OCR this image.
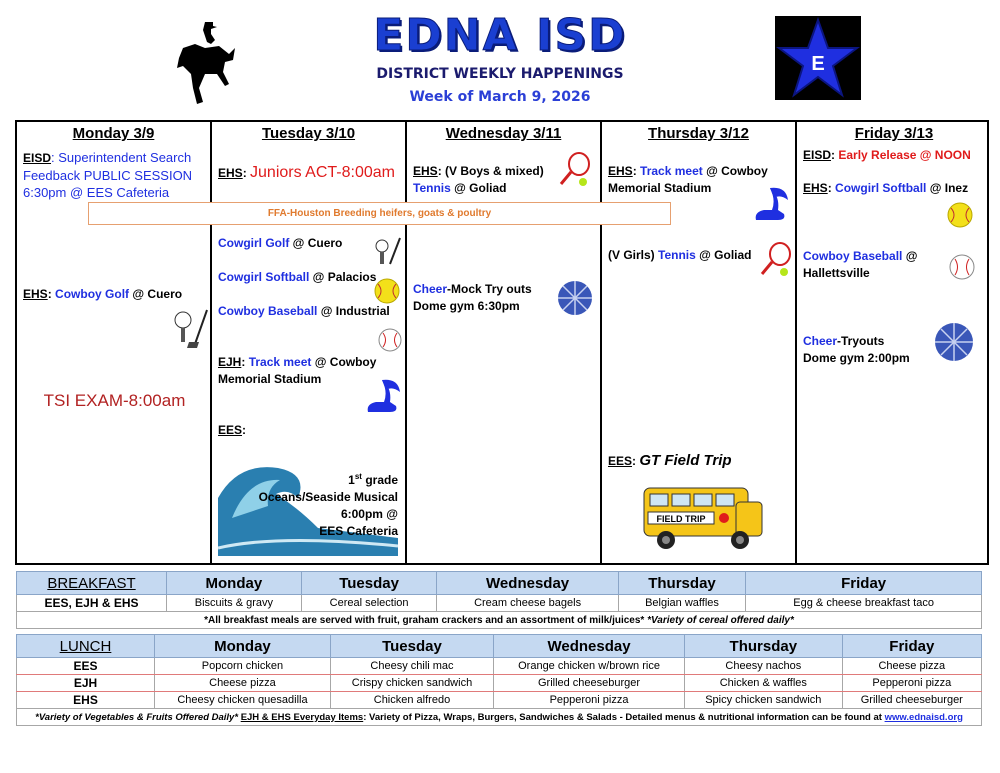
EDNA ISD
DISTRICT WEEKLY HAPPENINGS
Week of March 9, 2026
E
Monday 3/9
EISD: Superintendent Search Feedback PUBLIC SESSION 6:30pm @ EES Cafeteria
EHS: Cowboy Golf @ Cuero
TSI EXAM-8:00am
Tuesday 3/10
EHS: Juniors ACT-8:00am
Cowgirl Golf @ Cuero
Cowgirl Softball @ Palacios
Cowboy Baseball @ Industrial
EJH: Track meet @ Cowboy Memorial Stadium
EES:
1st grade
Oceans/Seaside Musical
6:00pm @
EES Cafeteria
Wednesday 3/11
EHS: (V Boys & mixed)
Tennis @ Goliad
Cheer-Mock Try outs
Dome gym 6:30pm
Thursday 3/12
EHS: Track meet @ Cowboy Memorial Stadium
(V Girls) Tennis @ Goliad
EES: GT Field Trip
FIELD TRIP
Friday 3/13
EISD: Early Release @ NOON
EHS: Cowgirl Softball @ Inez
Cowboy Baseball @ Hallettsville
Cheer-Tryouts
Dome gym 2:00pm
FFA-Houston Breeding heifers, goats & poultry
BREAKFAST	Monday	Tuesday	Wednesday	Thursday	Friday
EES, EJH & EHS	Biscuits & gravy	Cereal selection	Cream cheese bagels	Belgian waffles	Egg & cheese breakfast taco
*All breakfast meals are served with fruit, graham crackers and an assortment of milk/juices* *Variety of cereal offered daily*					
LUNCH	Monday	Tuesday	Wednesday	Thursday	Friday
EES	Popcorn chicken	Cheesy chili mac	Orange chicken w/brown rice	Cheesy nachos	Cheese pizza
EJH	Cheese pizza	Crispy chicken sandwich	Grilled cheeseburger	Chicken & waffles	Pepperoni pizza
EHS	Cheesy chicken quesadilla	Chicken alfredo	Pepperoni pizza	Spicy chicken sandwich	Grilled cheeseburger
*Variety of Vegetables & Fruits Offered Daily* EJH & EHS Everyday Items: Variety of Pizza, Wraps, Burgers, Sandwiches & Salads - Detailed menus & nutritional information can be found at www.ednaisd.org					
